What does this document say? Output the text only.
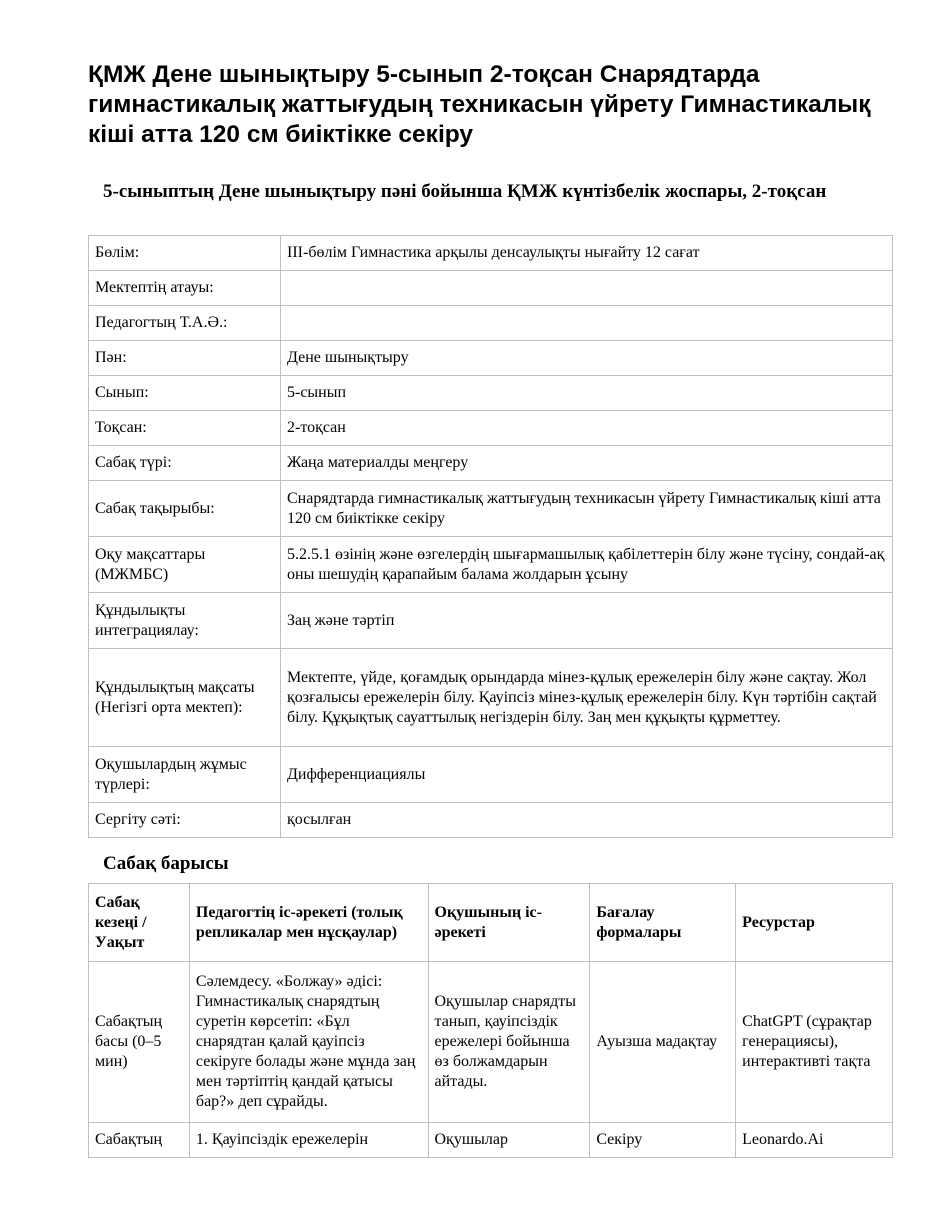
ҚМЖ Дене шынықтыру 5-сынып 2-тоқсан Снарядтарда гимнастикалық жаттығудың техникасын үйрету Гимнастикалық кіші атта 120 см биіктікке секіру
5-сыныптың Дене шынықтыру пәні бойынша ҚМЖ күнтізбелік жоспары, 2-тоқсан
Бөлім:	ІІІ-бөлім Гимнастика арқылы денсаулықты нығайту 12 сағат
Мектептің атауы:	
Педагогтың Т.А.Ә.:	
Пән:	Дене шынықтыру
Сынып:	5-сынып
Тоқсан:	2-тоқсан
Сабақ түрі:	Жаңа материалды меңгеру
Сабақ тақырыбы:	Снарядтарда гимнастикалық жаттығудың техникасын үйрету Гимнастикалық кіші атта 120 см биіктікке секіру
Оқу мақсаттары (МЖМБС)	5.2.5.1 өзінің және өзгелердің шығармашылық қабілеттерін білу және түсіну, сондай-ақ оны шешудің қарапайым балама жолдарын ұсыну
Құндылықты интеграциялау:	Заң және тәртіп
Құндылықтың мақсаты (Негізгі орта мектеп):	Мектепте, үйде, қоғамдық орындарда мінез-құлық ережелерін білу және сақтау. Жол қозғалысы ережелерін білу. Қауіпсіз мінез-құлық ережелерін білу. Күн тәртібін сақтай білу. Құқықтық сауаттылық негіздерін білу. Заң мен құқықты құрметтеу.
Оқушылардың жұмыс түрлері:	Дифференциациялы
Сергіту сәті:	қосылған
Сабақ барысы
Сабақ кезеңі / Уақыт	Педагогтің іс-әрекеті (толық репликалар мен нұсқаулар)	Оқушының іс-әрекеті	Бағалау формалары	Ресурстар
Сабақтың басы (0–5 мин)	Сәлемдесу. «Болжау» әдісі: Гимнастикалық снарядтың суретін көрсетіп: «Бұл снарядтан қалай қауіпсіз секіруге болады және мұнда заң мен тәртіптің қандай қатысы бар?» деп сұрайды.	Оқушылар снарядты танып, қауіпсіздік ережелері бойынша өз болжамдарын айтады.	Ауызша мадақтау	ChatGPT (сұрақтар генерациясы), интерактивті тақта
Сабақтың	1. Қауіпсіздік ережелерін	Оқушылар	Секіру	Leonardo.Ai
